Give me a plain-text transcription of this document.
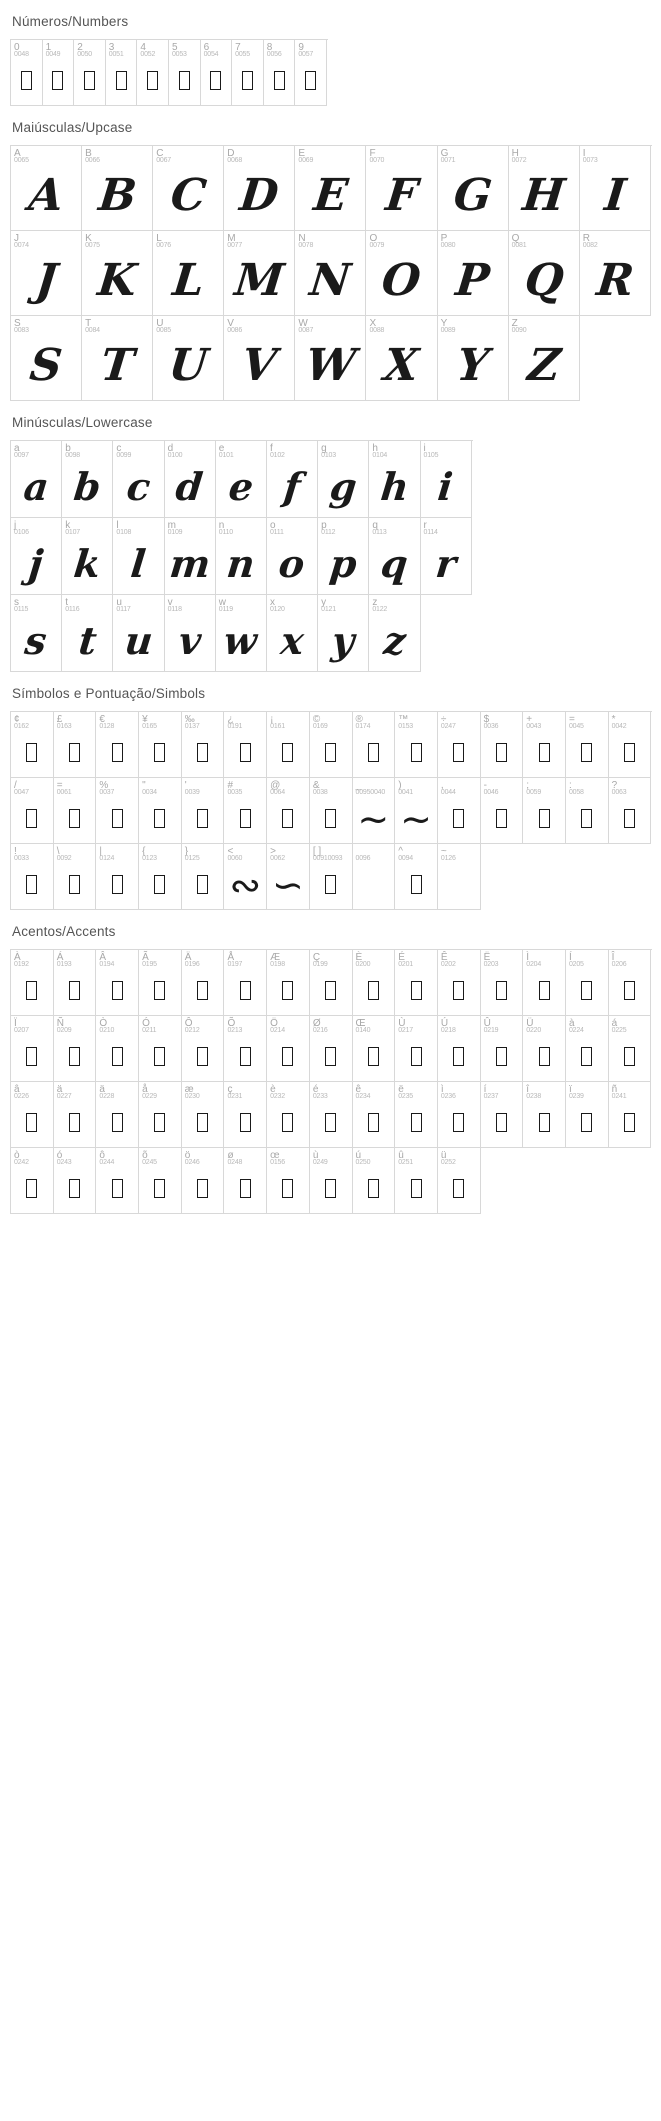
Números/Numbers
0
0048
1
0049
2
0050
3
0051
4
0052
5
0053
6
0054
7
0055
8
0056
9
0057
Maiúsculas/Upcase
A
0065
A
B
0066
B
C
0067
C
D
0068
D
E
0069
E
F
0070
F
G
0071
G
H
0072
H
I
0073
I
J
0074
J
K
0075
K
L
0076
L
M
0077
M
N
0078
N
O
0079
O
P
0080
P
Q
0081
Q
R
0082
R
S
0083
S
T
0084
T
U
0085
U
V
0086
V
W
0087
W
X
0088
X
Y
0089
Y
Z
0090
Z
Minúsculas/Lowercase
a
0097
a
b
0098
b
c
0099
c
d
0100
d
e
0101
e
f
0102
f
g
0103
g
h
0104
h
i
0105
i
j
0106
j
k
0107
k
l
0108
l
m
0109
m
n
0110
n
o
0111
o
p
0112
p
q
0113
q
r
0114
r
s
0115
s
t
0116
t
u
0117
u
v
0118
v
w
0119
w
x
0120
x
y
0121
y
z
0122
z
Símbolos e Pontuação/Simbols
¢
0162
£
0163
€
0128
¥
0165
‰
0137
¿
0191
¡
0161
©
0169
®
0174
™
0153
÷
0247
$
0036
+
0043
=
0045
*
0042
/
0047
=
0061
%
0037
"
0034
'
0039
#
0035
@
0064
&
0038
_
00950040
~
)
0041
~
,
0044
-
0046
;
0059
:
0058
?
0063
!
0033
\
0092
|
0124
{
0123
}
0125
<
0060
∾
>
0062
∽
[ ]
00910093 0096
^
0094
~
0126
Acentos/Accents
À
0192
Á
0193
Â
0194
Ã
0195
Ä
0196
Å
0197
Æ
0198
Ç
0199
È
0200
É
0201
Ê
0202
Ë
0203
Ì
0204
Í
0205
Î
0206
Ï
0207
Ñ
0209
Ò
0210
Ó
0211
Ô
0212
Õ
0213
Ö
0214
Ø
0216
Œ
0140
Ù
0217
Ú
0218
Û
0219
Ü
0220
à
0224
á
0225
â
0226
ä
0227
ä
0228
å
0229
æ
0230
ç
0231
è
0232
é
0233
ê
0234
ë
0235
ì
0236
í
0237
î
0238
ï
0239
ñ
0241
ò
0242
ó
0243
ô
0244
õ
0245
ö
0246
ø
0248
œ
0156
ù
0249
ú
0250
û
0251
ü
0252
